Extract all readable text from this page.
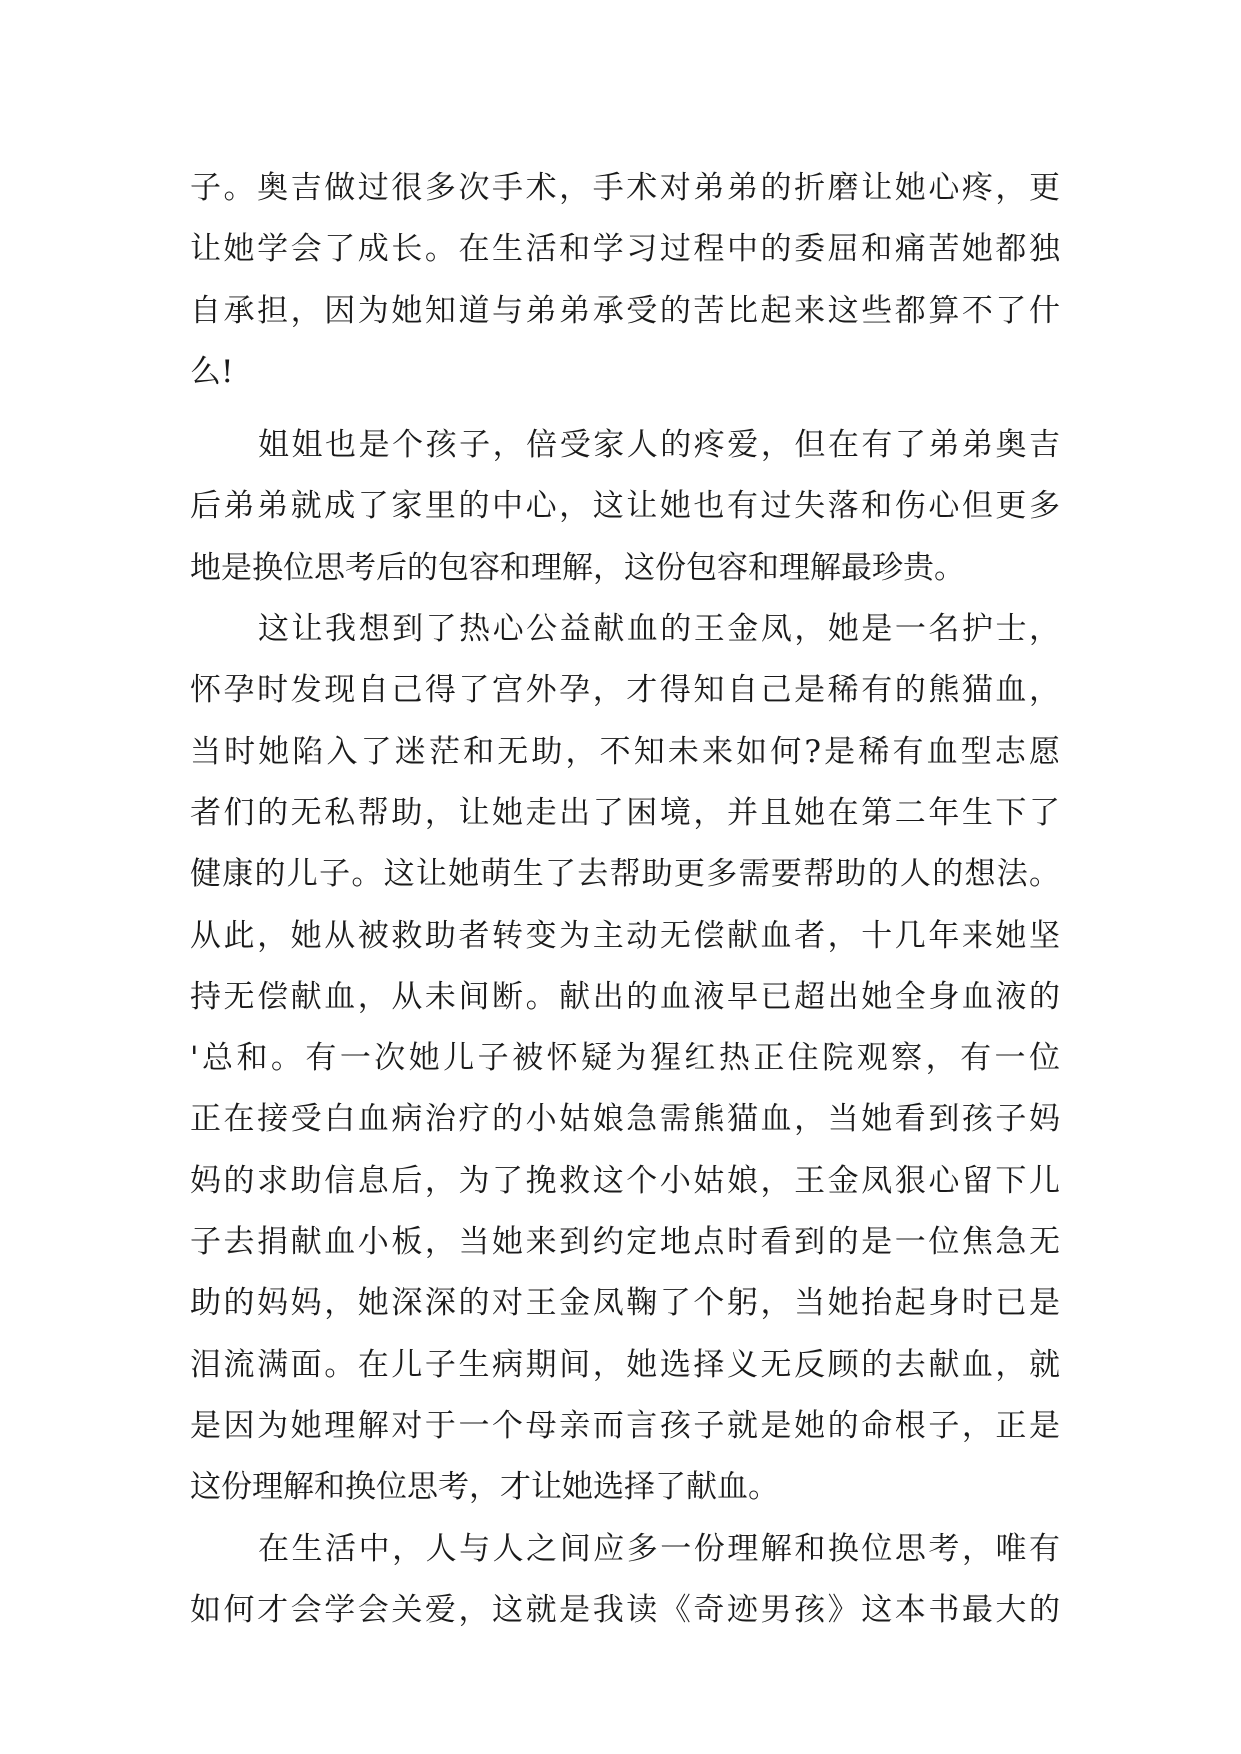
子。奥吉做过很多次手术，手术对弟弟的折磨让她心疼，更
让她学会了成长。在生活和学习过程中的委屈和痛苦她都独
自承担，因为她知道与弟弟承受的苦比起来这些都算不了什
么!
姐姐也是个孩子，倍受家人的疼爱，但在有了弟弟奥吉
后弟弟就成了家里的中心，这让她也有过失落和伤心但更多
地是换位思考后的包容和理解，这份包容和理解最珍贵。
这让我想到了热心公益献血的王金凤，她是一名护士，
怀孕时发现自己得了宫外孕，才得知自己是稀有的熊猫血，
当时她陷入了迷茫和无助，不知未来如何?是稀有血型志愿
者们的无私帮助，让她走出了困境，并且她在第二年生下了
健康的儿子。这让她萌生了去帮助更多需要帮助的人的想法。
从此，她从被救助者转变为主动无偿献血者，十几年来她坚
持无偿献血，从未间断。献出的血液早已超出她全身血液的
'总和。有一次她儿子被怀疑为猩红热正住院观察，有一位
正在接受白血病治疗的小姑娘急需熊猫血，当她看到孩子妈
妈的求助信息后，为了挽救这个小姑娘，王金凤狠心留下儿
子去捐献血小板，当她来到约定地点时看到的是一位焦急无
助的妈妈，她深深的对王金凤鞠了个躬，当她抬起身时已是
泪流满面。在儿子生病期间，她选择义无反顾的去献血，就
是因为她理解对于一个母亲而言孩子就是她的命根子，正是
这份理解和换位思考，才让她选择了献血。
在生活中，人与人之间应多一份理解和换位思考，唯有
如何才会学会关爱，这就是我读《奇迹男孩》这本书最大的
